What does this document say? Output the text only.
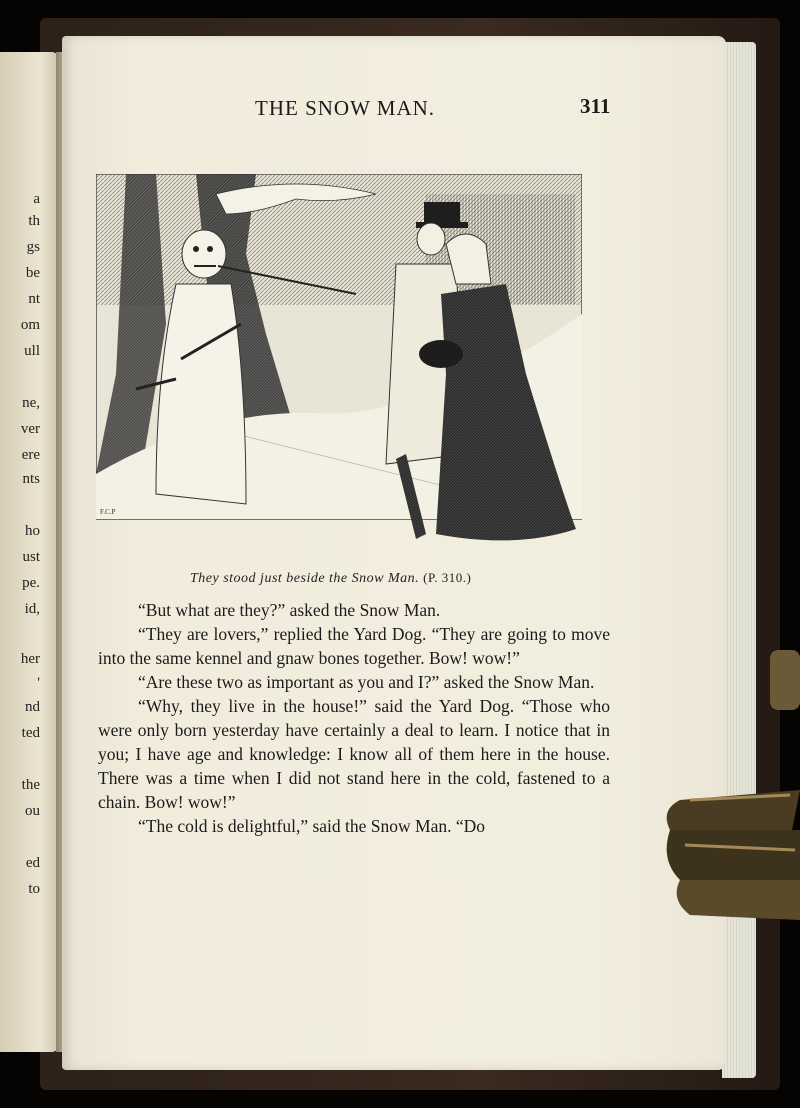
a
th
gs
be
nt
om
ull
ne,
ver
ere
nts
ho
ust
pe.
id,
her
'
nd
ted
the
ou
ed
to
THE SNOW MAN.	311
F.C.P
They stood just beside the Snow Man. (P. 310.)

“But what are they?” asked the Snow Man.

“They are lovers,” replied the Yard Dog. “They are going to move into the same kennel and gnaw bones together. Bow! wow!”

“Are these two as important as you and I?” asked the Snow Man.

“Why, they live in the house!” said the Yard Dog. “Those who were only born yesterday have certainly a deal to learn. I notice that in you; I have age and knowledge: I know all of them here in the house. There was a time when I did not stand here in the cold, fastened to a chain. Bow! wow!”

“The cold is delightful,” said the Snow Man. “Do
